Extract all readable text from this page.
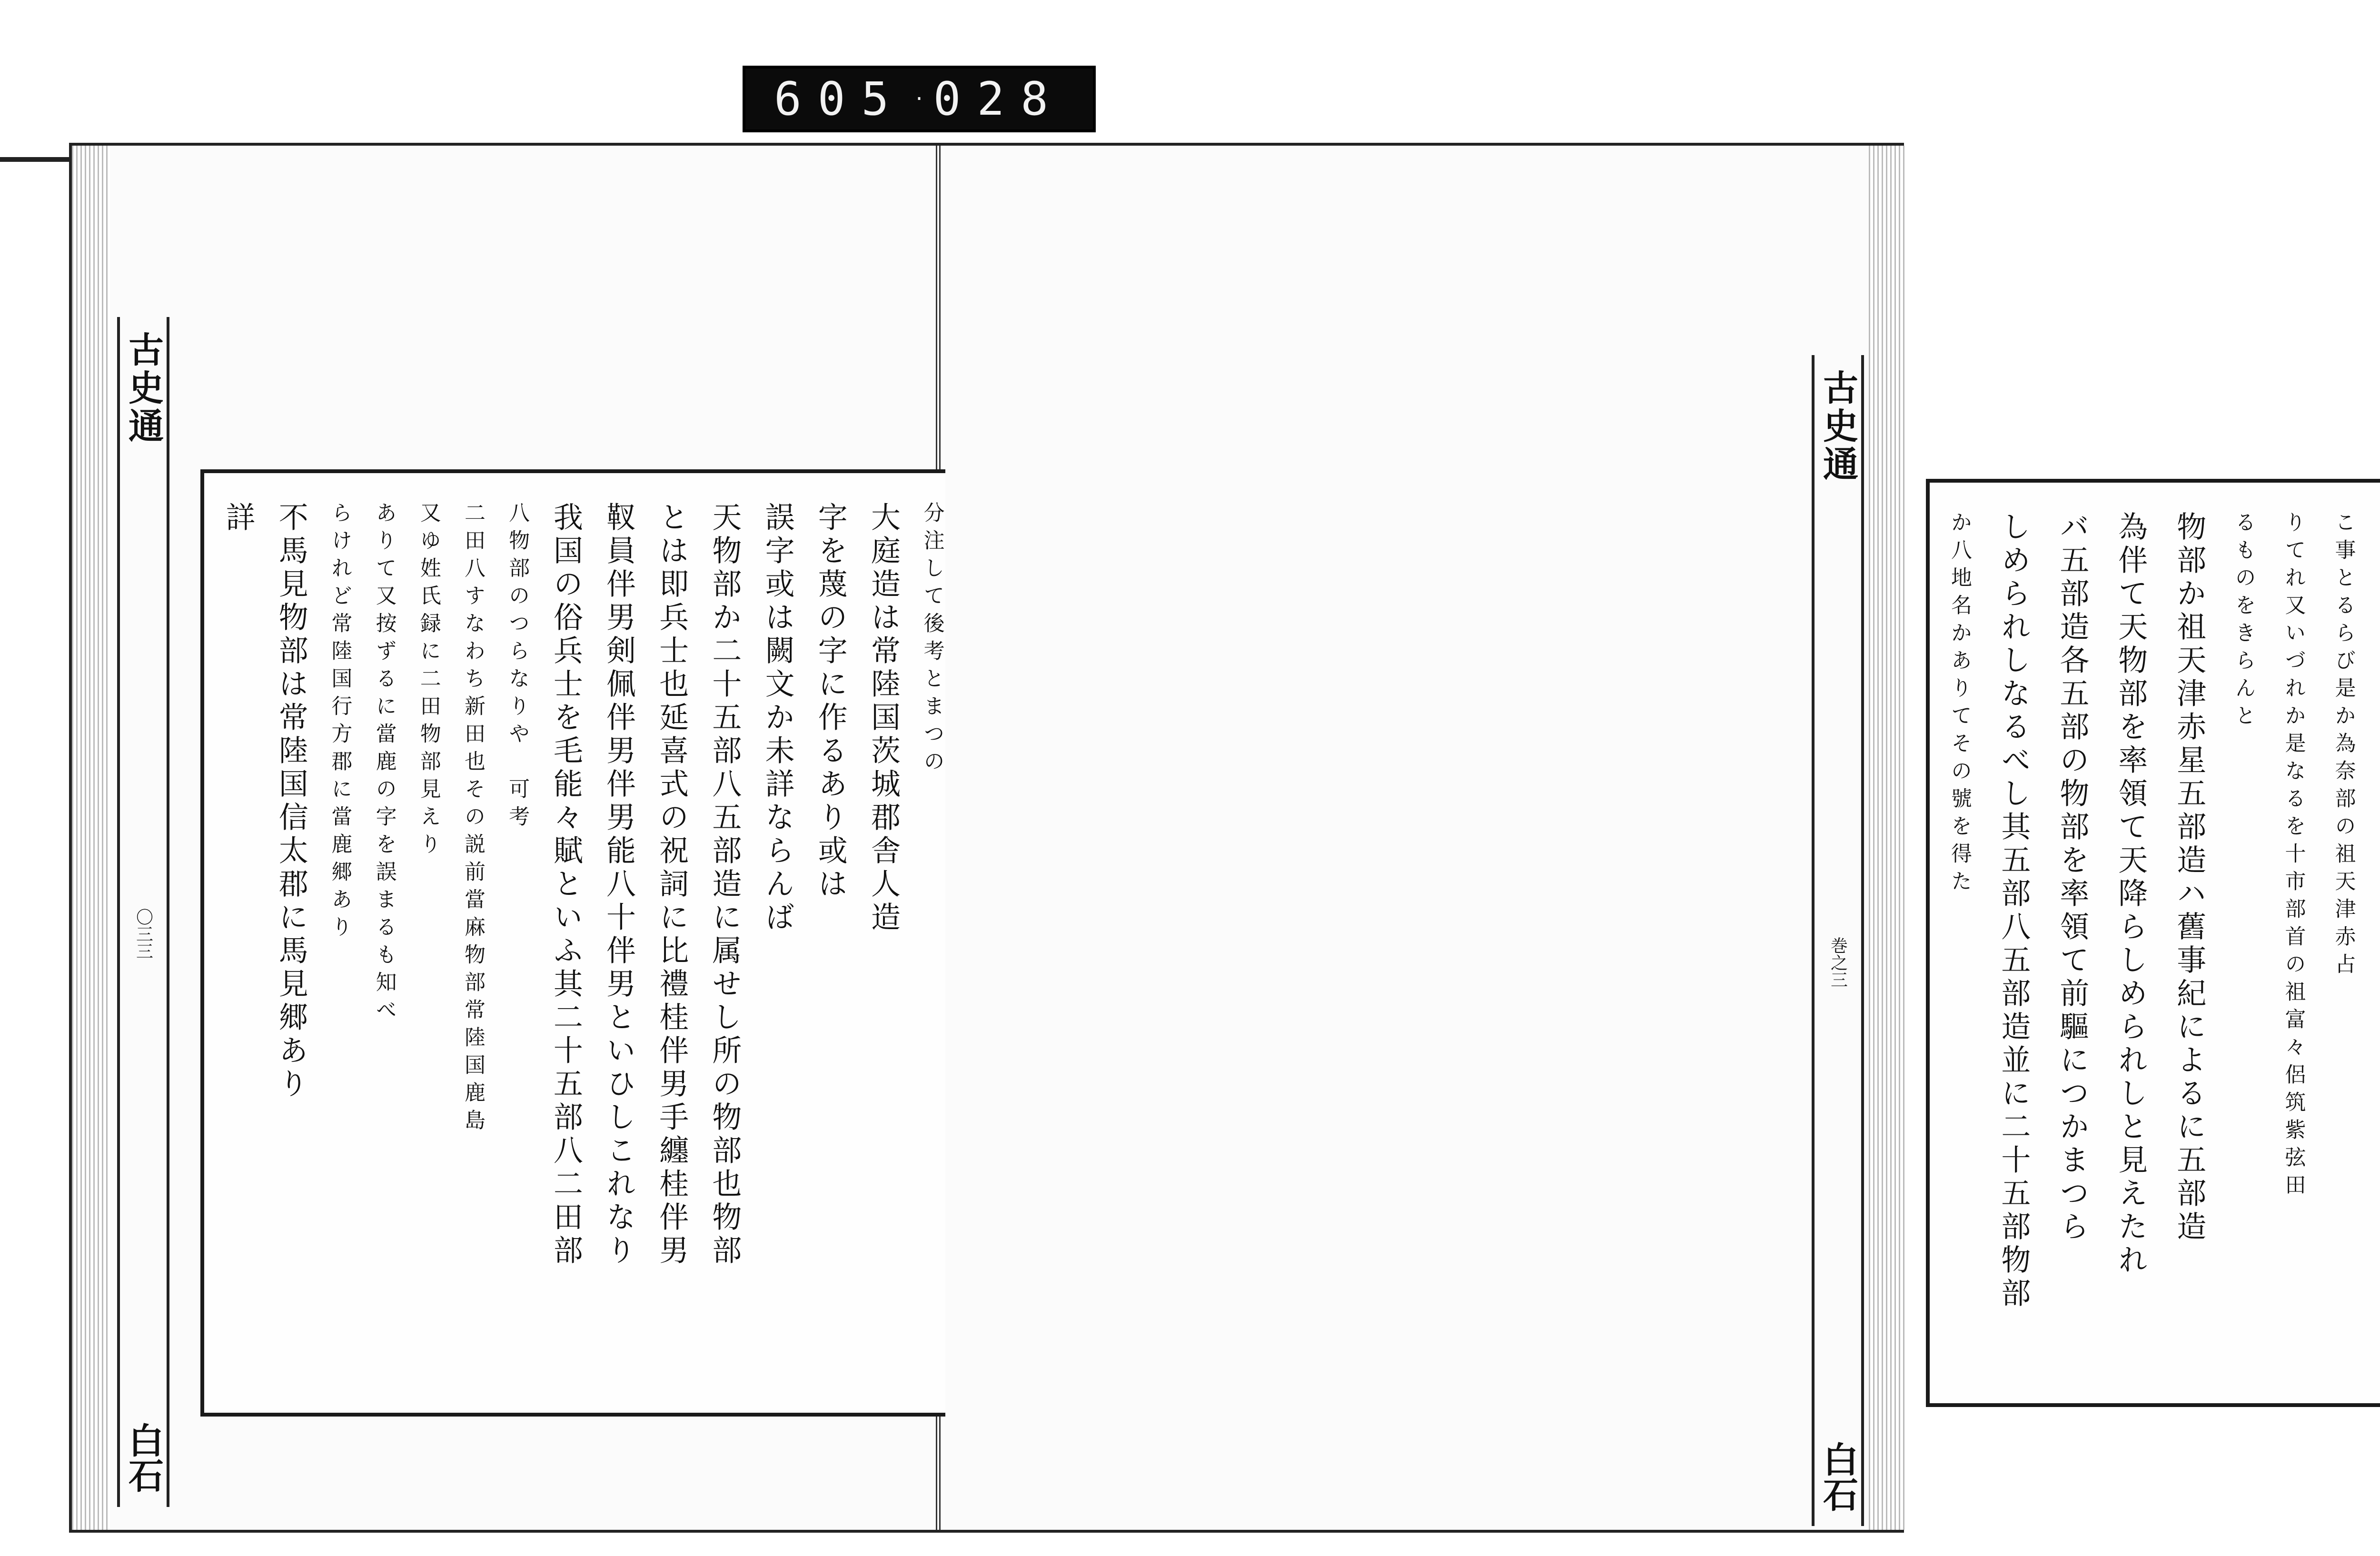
605 · 028
古史通
〇三三
白石
分注して後考とまつの
大庭造は常陸国茨城郡舎人造
字を蔑の字に作るあり或は
誤字或は闕文か未詳ならんば
天物部か二十五部八五部造に属せし所の物部也物部
とは即兵士也延喜式の祝詞に比禮桂伴男手纏桂伴男
靫員伴男剣佩伴男伴男能八十伴男といひしこれなり
我国の俗兵士を毛能々賦といふ其二十五部八二田部
八物部のつらなりや　可考
二田八すなわち新田也その説前當麻物部常陸国鹿島
又ゆ姓氏録に二田物部見えり
ありて又按ずるに當鹿の字を誤まるも知べ
らけれど常陸国行方郡に當鹿郷あり
不馬見物部は常陸国信太郡に馬見郷あり
詳	こ事とるらび是か為奈部の祖天津赤占
りてれ又いづれか是なるを十市部首の祖富々侶筑紫弦田
るものをきらんと
物部か祖天津赤星五部造ハ舊事紀によるに五部造
為伴て天物部を率領て天降らしめられしと見えたれ
バ五部造各五部の物部を率領て前驅につかまつら
しめられしなるべし其五部八五部造並に二十五部物部
か八地名かありてその號を得た
古史通
巻之三
白石
